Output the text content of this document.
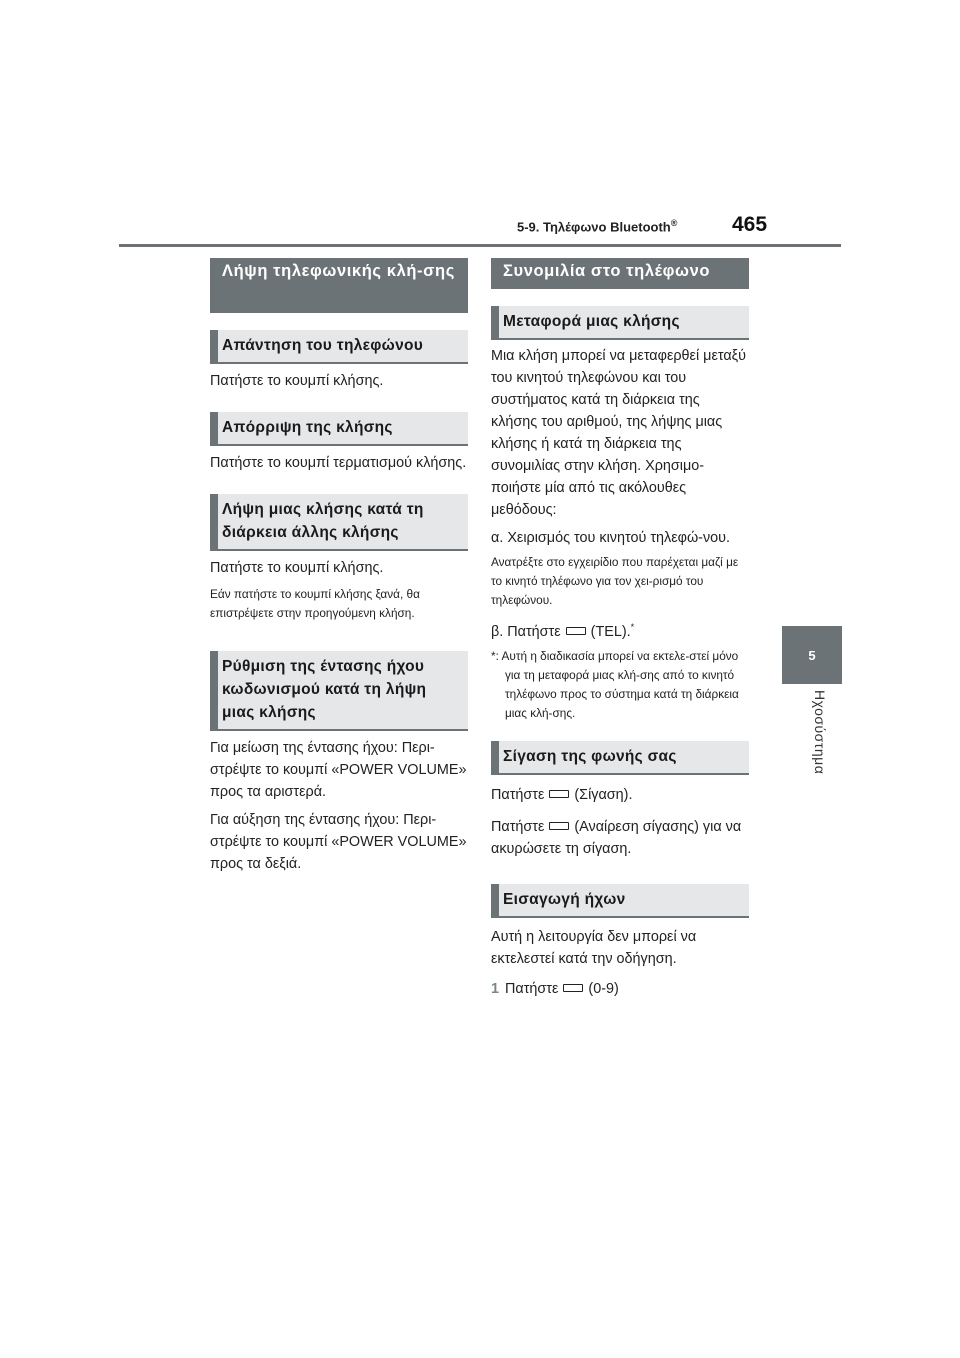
5-9. Τηλέφωνο Bluetooth®	465
5
Ηχοσύστημα
Λήψη τηλεφωνικής κλή-σης
Απάντηση του τηλεφώνου

Πατήστε το κουμπί κλήσης.

Απόρριψη της κλήσης

Πατήστε το κουμπί τερματισμού κλήσης.

Λήψη μιας κλήσης κατά τη διάρκεια άλλης κλήσης

Πατήστε το κουμπί κλήσης.

Εάν πατήστε το κουμπί κλήσης ξανά, θα επιστρέψετε στην προηγούμενη κλήση.

Ρύθμιση της έντασης ήχου κωδωνισμού κατά τη λήψη μιας κλήσης

Για μείωση της έντασης ήχου: Περι-στρέψτε το κουμπί «POWER VOLUME» προς τα αριστερά.

Για αύξηση της έντασης ήχου: Περι-στρέψτε το κουμπί «POWER VOLUME» προς τα δεξιά.

Συνομιλία στο τηλέφωνο
Μεταφορά μιας κλήσης

Μια κλήση μπορεί να μεταφερθεί μεταξύ του κινητού τηλεφώνου και του συστήματος κατά τη διάρκεια της κλήσης του αριθμού, της λήψης μιας κλήσης ή κατά τη διάρκεια της συνομιλίας στην κλήση. Χρησιμο-ποιήστε μία από τις ακόλουθες μεθόδους:

α. Χειρισμός του κινητού τηλεφώ-νου.

Ανατρέξτε στο εγχειρίδιο που παρέχεται μαζί με το κινητό τηλέφωνο για τον χει-ρισμό του τηλεφώνου.

β. Πατήστε (TEL).*

*: Αυτή η διαδικασία μπορεί να εκτελε-στεί μόνο για τη μεταφορά μιας κλή-σης από το κινητό τηλέφωνο προς το σύστημα κατά τη διάρκεια μιας κλή-σης.

Σίγαση της φωνής σας

Πατήστε (Σίγαση).

Πατήστε (Αναίρεση σίγασης) για να ακυρώσετε τη σίγαση.

Εισαγωγή ήχων

Αυτή η λειτουργία δεν μπορεί να εκτελεστεί κατά την οδήγηση.

1 Πατήστε (0-9)
